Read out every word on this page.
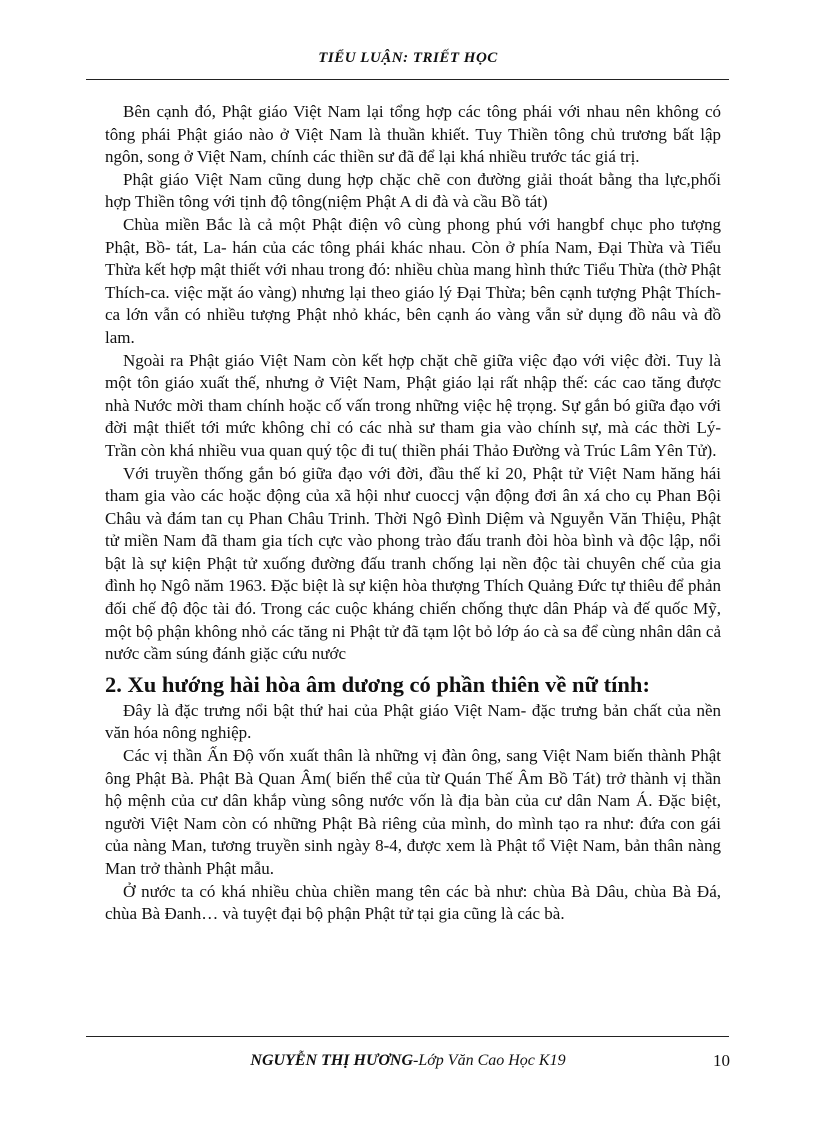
TIỂU LUẬN: TRIẾT HỌC

Bên cạnh đó, Phật giáo Việt Nam lại tổng hợp các tông phái với nhau nên không có tông phái Phật giáo nào ở Việt Nam là thuần khiết. Tuy Thiền tông chủ trương bất lập ngôn, song ở Việt Nam, chính các thiền sư đã để lại khá nhiều trước tác giá trị.

Phật giáo Việt Nam cũng dung hợp chặc chẽ con đường giải thoát bằng tha lực,phối hợp Thiền tông với tịnh độ tông(niệm Phật A di đà và cầu Bồ tát)

Chùa miền Bắc là cả một Phật điện vô cùng phong phú với hangbf chục pho tượng Phật, Bồ- tát, La- hán của các tông phái khác nhau. Còn ở phía Nam, Đại Thừa và Tiểu Thừa kết hợp mật thiết với nhau trong đó: nhiều chùa mang hình thức Tiểu Thừa (thờ Phật Thích-ca. việc mặt áo vàng) nhưng lại theo giáo lý Đại Thừa; bên cạnh tượng Phật Thích-ca lớn vẫn có nhiều tượng Phật nhỏ khác, bên cạnh áo vàng vẫn sử dụng đồ nâu và đồ lam.

Ngoài ra Phật giáo Việt Nam còn kết hợp chặt chẽ giữa việc đạo với việc đời. Tuy là một tôn giáo xuất thế, nhưng ở Việt Nam, Phật giáo lại rất nhập thế: các cao tăng được nhà Nước mời tham chính hoặc cố vấn trong những việc hệ trọng. Sự gắn bó giữa đạo với đời mật thiết tới mức không chỉ có các nhà sư tham gia vào chính sự, mà các thời Lý- Trần còn khá nhiều vua quan quý tộc đi tu( thiền phái Thảo Đường và Trúc Lâm Yên Tử).

Với truyền thống gắn bó giữa đạo với đời, đầu thế kỉ 20, Phật tử Việt Nam hăng hái tham gia vào các hoặc động của xã hội như cuoccj vận động đơi ân xá cho cụ Phan Bội Châu và đám tan cụ Phan Châu Trinh. Thời Ngô Đình Diệm và Nguyễn Văn Thiệu, Phật tử miền Nam đã tham gia tích cực vào phong trào đấu tranh đòi hòa bình và độc lập, nổi bật là sự kiện Phật tử xuống đường đấu tranh chống lại nền độc tài chuyên chế của gia đình họ Ngô năm 1963. Đặc biệt là sự kiện hòa thượng Thích Quảng Đức tự thiêu để phản đối chế độ độc tài đó. Trong các cuộc kháng chiến chống thực dân Pháp và đế quốc Mỹ, một bộ phận không nhỏ các tăng ni Phật tử đã tạm lột bỏ lớp áo cà sa để cùng nhân dân cả nước cầm súng đánh giặc cứu nước

2. Xu hướng hài hòa âm dương có phần thiên về nữ tính:

Đây là đặc trưng nổi bật thứ hai của Phật giáo Việt Nam- đặc trưng bản chất của nền văn hóa nông nghiệp.

Các vị thần Ấn Độ vốn xuất thân là những vị đàn ông, sang Việt Nam biến thành Phật ông Phật Bà. Phật Bà Quan Âm( biến thể của từ Quán Thế Âm Bồ Tát) trở thành vị thần hộ mệnh của cư dân khắp vùng sông nước vốn là địa bàn của cư dân Nam Á. Đặc biệt, người Việt Nam còn có những Phật Bà riêng của mình, do mình tạo ra như: đứa con gái của nàng Man, tương truyền sinh ngày 8-4, được xem là Phật tổ Việt Nam, bản thân nàng Man trở thành Phật mẫu.

Ở nước ta có khá nhiều chùa chiền mang tên các bà như: chùa Bà Dâu, chùa Bà Đá, chùa Bà Đanh… và tuyệt đại bộ phận Phật tử tại gia cũng là các bà.

NGUYỄN THỊ HƯƠNG-Lớp Văn Cao Học K19	10
